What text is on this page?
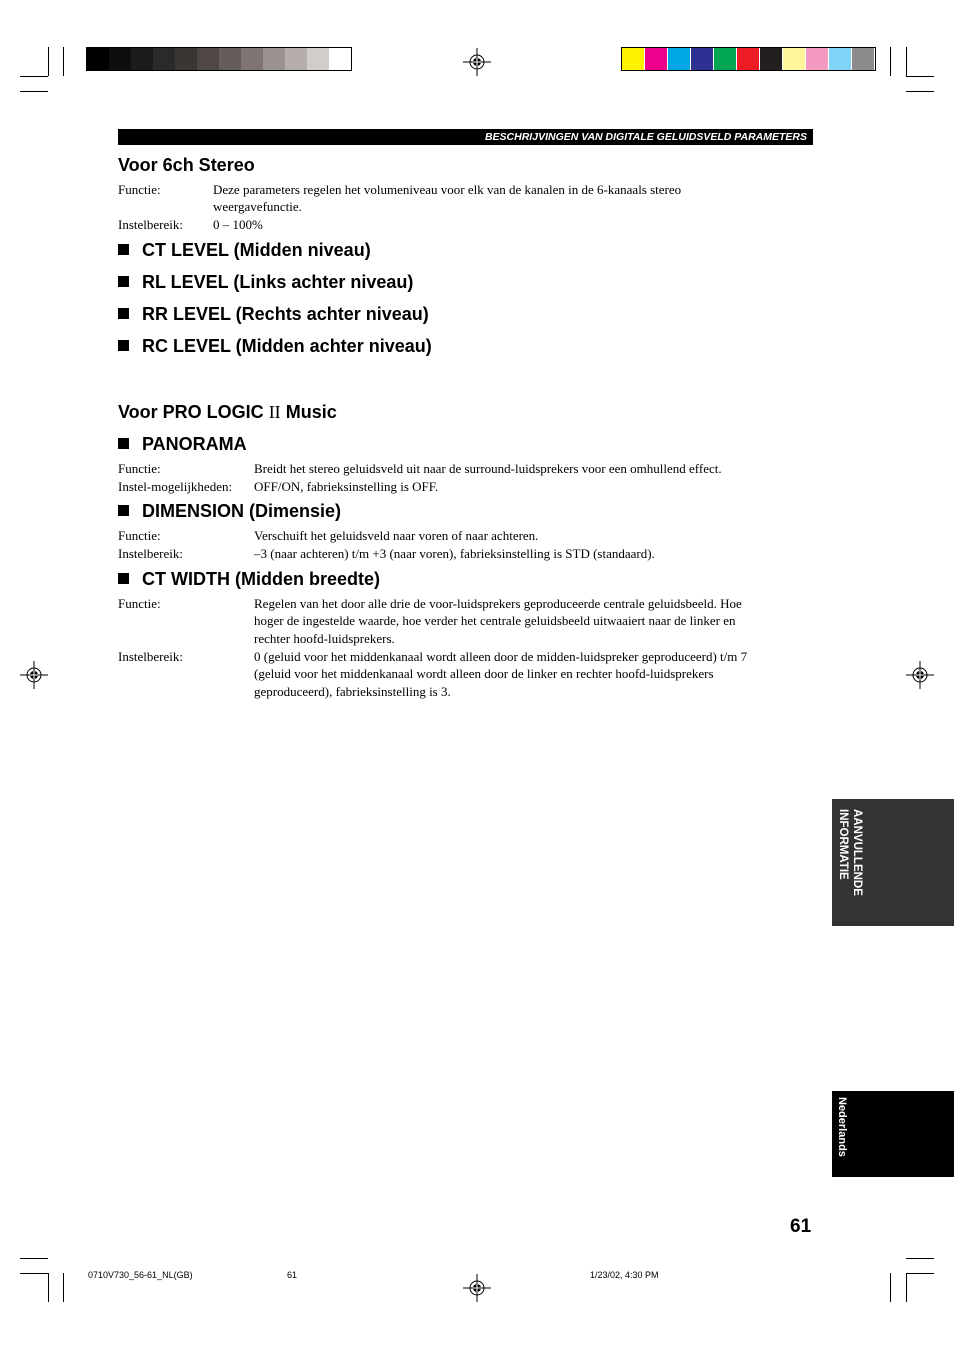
BESCHRIJVINGEN VAN DIGITALE GELUIDSVELD PARAMETERS
Voor 6ch Stereo
Functie:	Deze parameters regelen het volumeniveau voor elk van de kanalen in de 6-kanaals stereo
weergavefunctie.
Instelbereik: 0 – 100%
CT LEVEL (Midden niveau)
RL LEVEL (Links achter niveau)
RR LEVEL (Rechts achter niveau)
RC LEVEL (Midden achter niveau)
Voor PRO LOGIC II Music
PANORAMA
Functie:	Breidt het stereo geluidsveld uit naar de surround-luidsprekers voor een omhullend effect.
Instel-mogelijkheden: OFF/ON, fabrieksinstelling is OFF.
DIMENSION (Dimensie)
Functie:	Verschuift het geluidsveld naar voren of naar achteren.
Instelbereik:	–3 (naar achteren) t/m +3 (naar voren), fabrieksinstelling is STD (standaard).
CT WIDTH (Midden breedte)
Functie:	Regelen van het door alle drie de voor-luidsprekers geproduceerde centrale geluidsbeeld. Hoe
hoger de ingestelde waarde, hoe verder het centrale geluidsbeeld uitwaaiert naar de linker en
rechter hoofd-luidsprekers.
Instelbereik:	0 (geluid voor het middenkanaal wordt alleen door de midden-luidspreker geproduceerd) t/m 7
(geluid voor het middenkanaal wordt alleen door de linker en rechter hoofd-luidsprekers
geproduceerd), fabrieksinstelling is 3.
AANVULLENDE INFORMATIE
Nederlands
61
0710V730_56-61_NL(GB)	61	1/23/02, 4:30 PM
